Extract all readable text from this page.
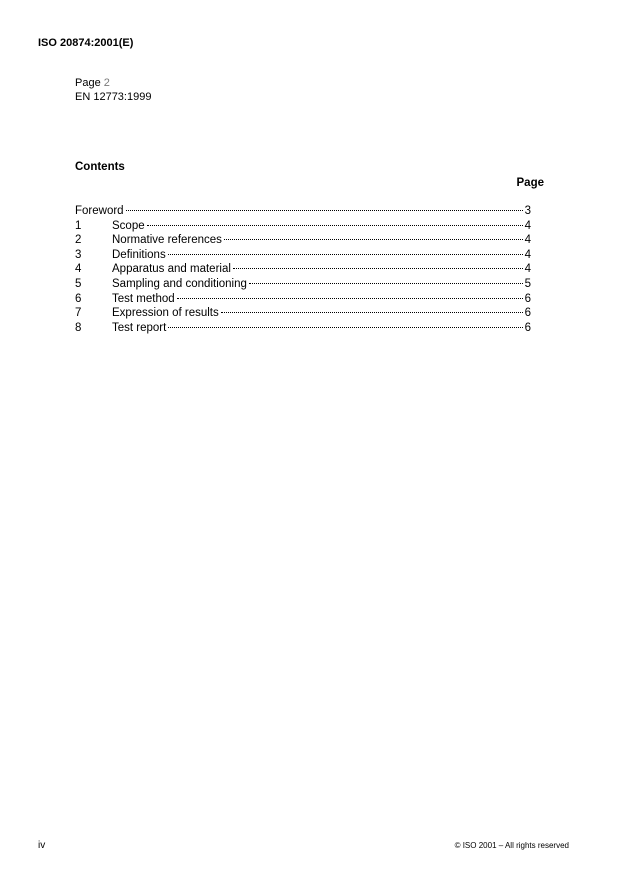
ISO 20874:2001(E)
Page 2
EN 12773:1999
Contents
Page
Foreword	3
1	Scope	4
2	Normative references	4
3	Definitions	4
4	Apparatus and material	4
5	Sampling and conditioning	5
6	Test method	6
7	Expression of results	6
8	Test report	6
iv	© ISO 2001 – All rights reserved
